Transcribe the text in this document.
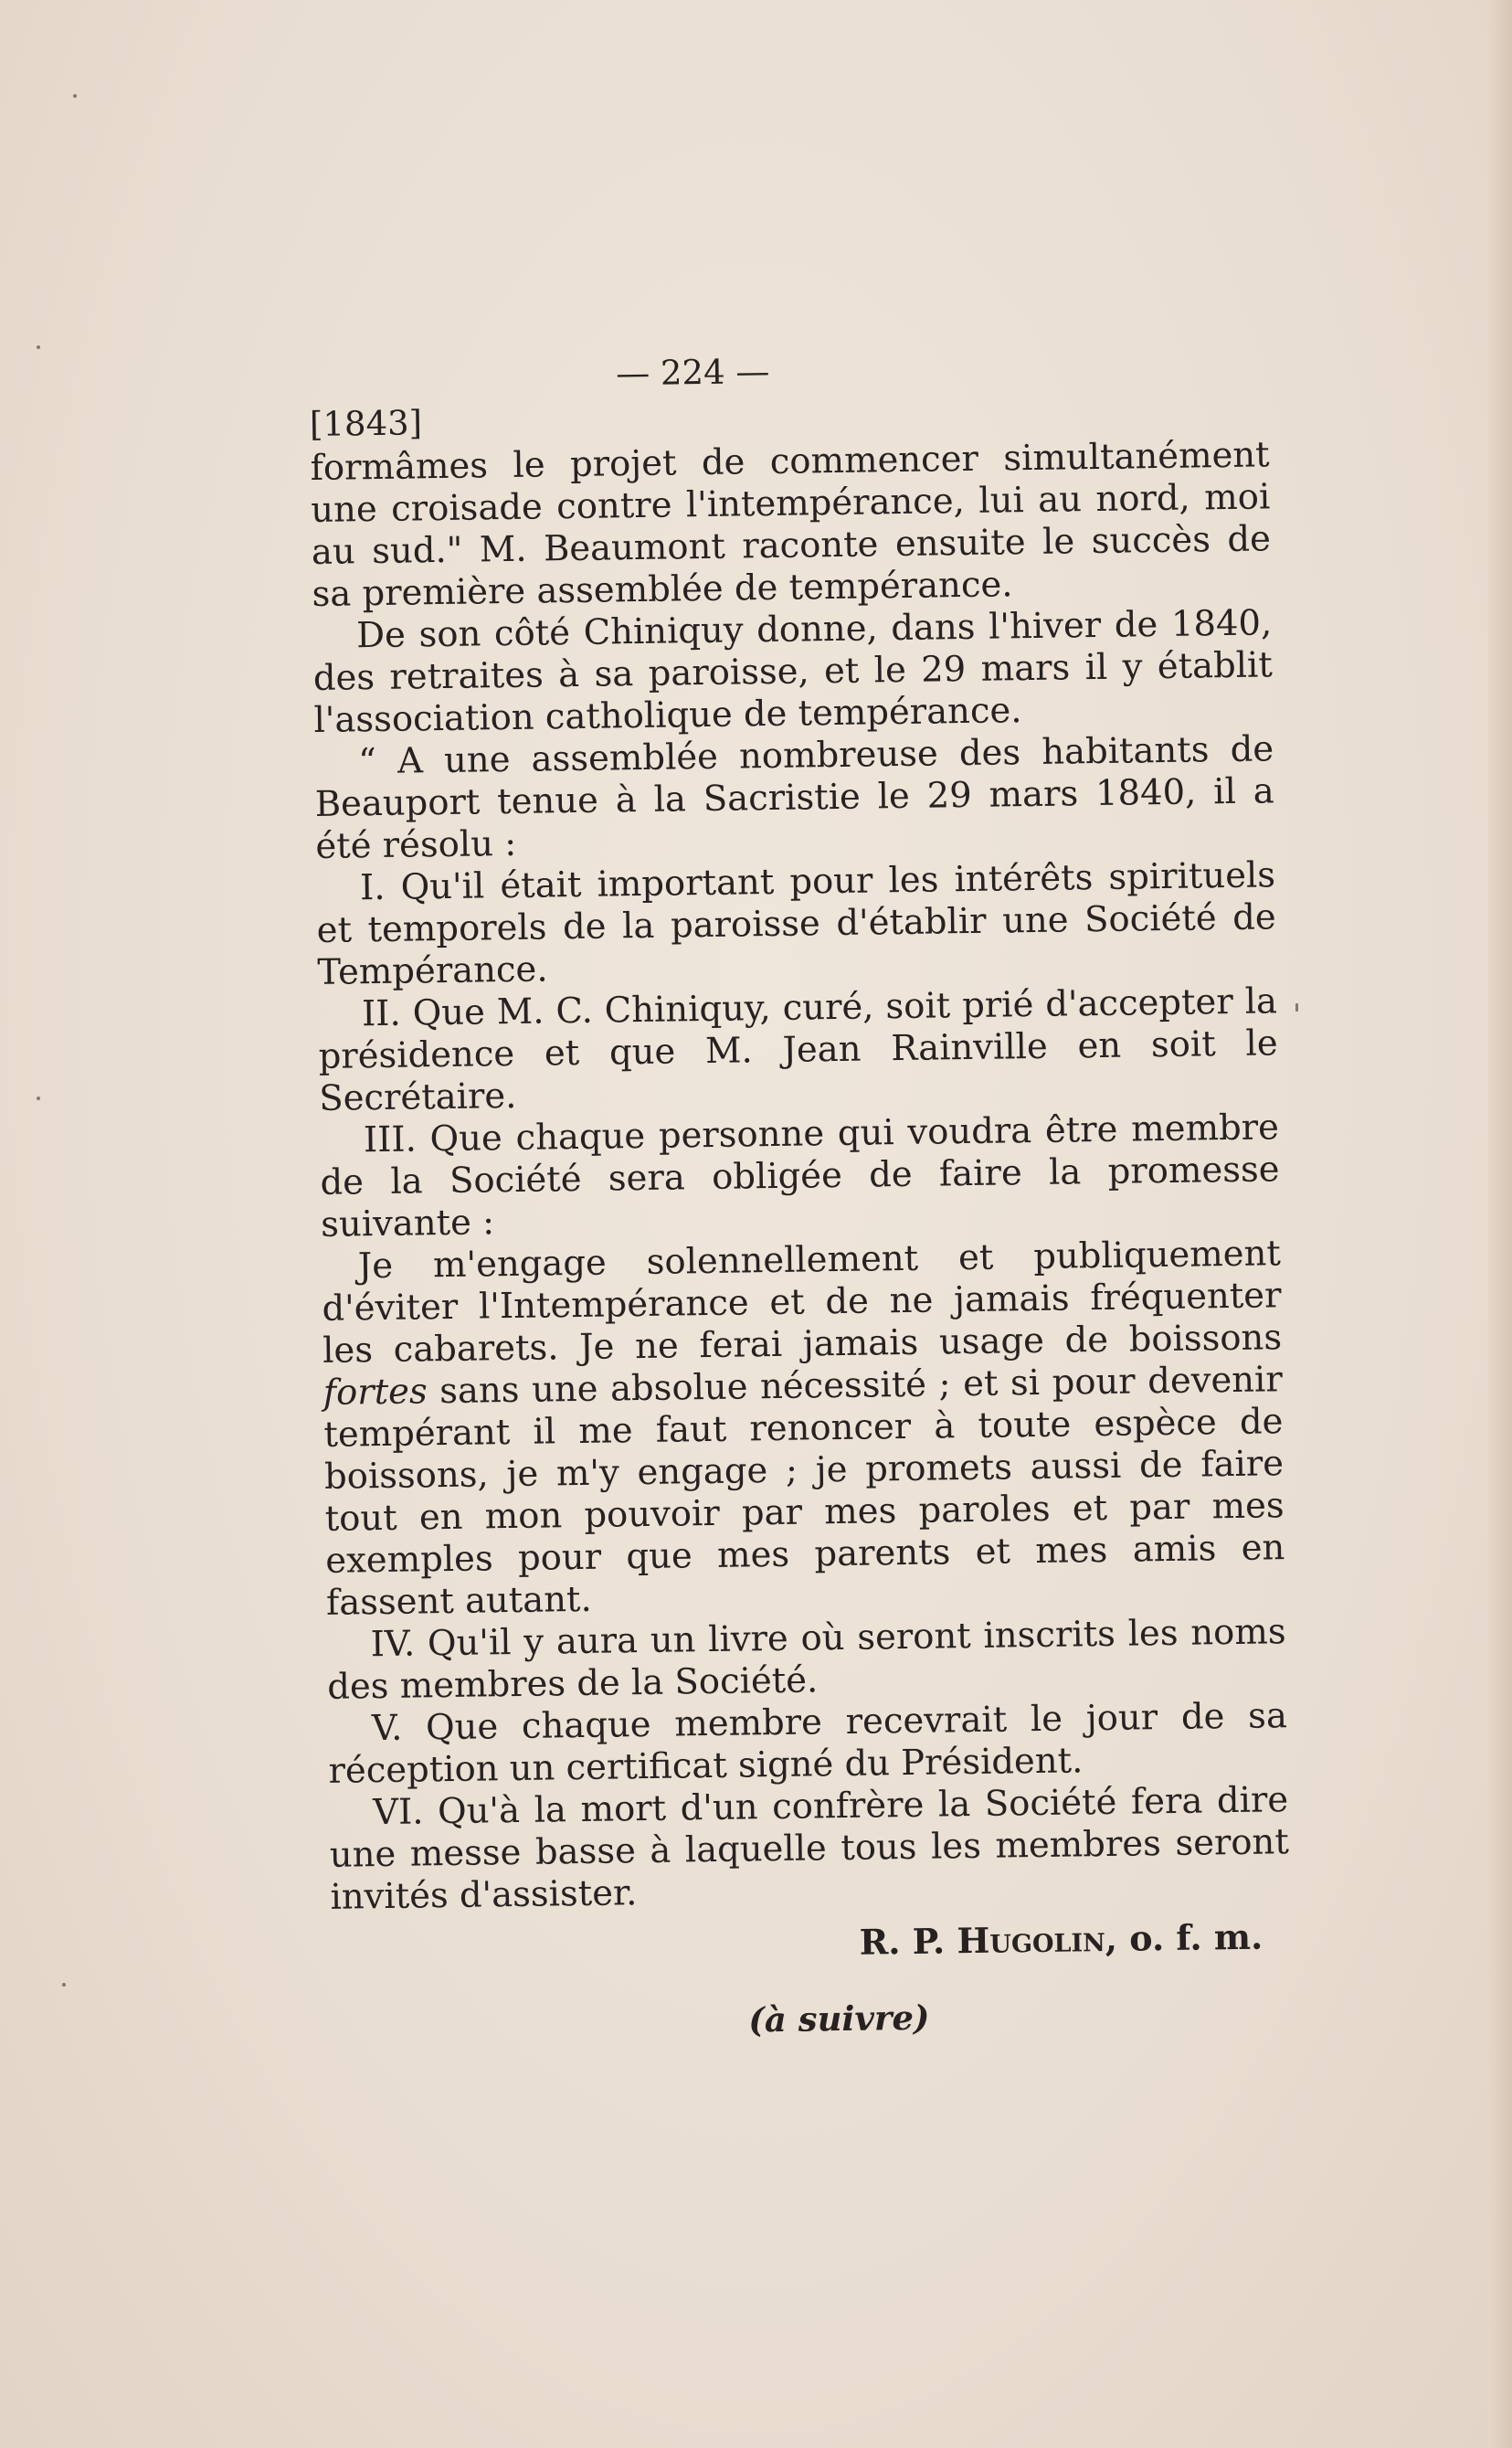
— 224 —
[1843]

formâmes le projet de commencer simultanément une croisade contre l'intempérance, lui au nord, moi au sud." M. Beaumont raconte ensuite le succès de sa première assemblée de tempérance.

De son côté Chiniquy donne, dans l'hiver de 1840, des retraites à sa paroisse, et le 29 mars il y établit l'association catholique de tempérance.

“ A une assemblée nombreuse des habitants de Beauport tenue à la Sacristie le 29 mars 1840, il a été résolu :

I. Qu'il était important pour les intérêts spirituels et temporels de la paroisse d'établir une Société de Tempérance.

II. Que M. C. Chiniquy, curé, soit prié d'accepter la présidence et que M. Jean Rainville en soit le Secrétaire.

III. Que chaque personne qui voudra être membre de la Société sera obligée de faire la promesse suivante :

Je m'engage solennellement et publiquement d'éviter l'Intempérance et de ne jamais fréquenter les cabarets. Je ne ferai jamais usage de boissons fortes sans une absolue nécessité ; et si pour devenir tempérant il me faut renoncer à toute espèce de boissons, je m'y engage ; je promets aussi de faire tout en mon pouvoir par mes paroles et par mes exemples pour que mes parents et mes amis en fassent autant.

IV. Qu'il y aura un livre où seront inscrits les noms des membres de la Société.

V. Que chaque membre recevrait le jour de sa réception un certificat signé du Président.

VI. Qu'à la mort d'un confrère la Société fera dire une messe basse à laquelle tous les membres seront invités d'assister.

R. P. Hugolin, o. f. m.
(à suivre)
